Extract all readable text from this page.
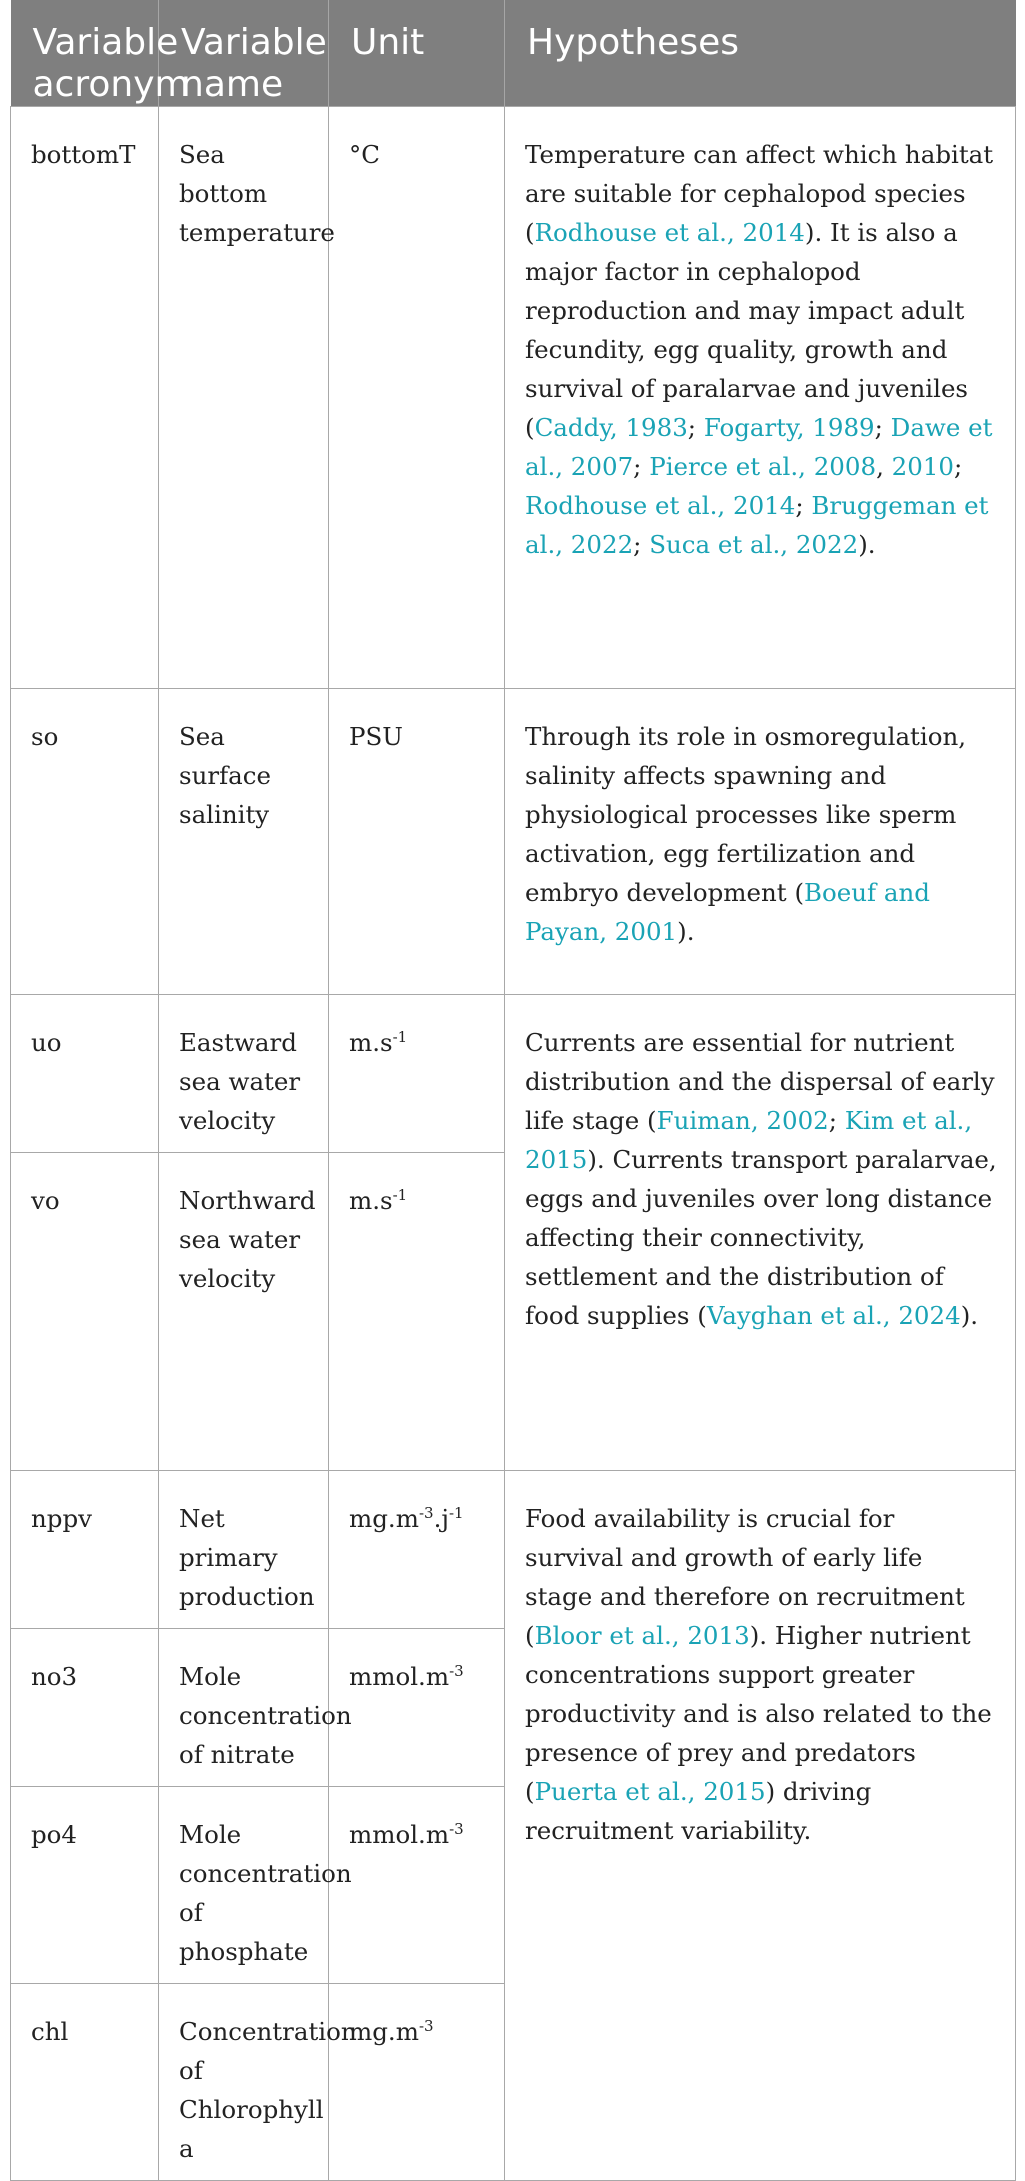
Variable acronym	Variable name	Unit	Hypotheses
bottomT	Sea bottom temperature	°C	Temperature can affect which habitat are suitable for cephalopod species (Rodhouse et al., 2014). It is also a major factor in cephalopod reproduction and may impact adult fecundity, egg quality, growth and survival of paralarvae and juveniles (Caddy, 1983; Fogarty, 1989; Dawe et al., 2007; Pierce et al., 2008, 2010; Rodhouse et al., 2014; Bruggeman et al., 2022; Suca et al., 2022).
so	Sea surface salinity	PSU	Through its role in osmoregulation, salinity affects spawning and physiological processes like sperm activation, egg fertilization and embryo development (Boeuf and Payan, 2001).
uo	Eastward sea water velocity	$m.s^{-1}$	Currents are essential for nutrient distribution and the dispersal of early life stage (Fuiman, 2002; Kim et al., 2015). Currents transport paralarvae, eggs and juveniles over long distance affecting their connectivity, settlement and the distribution of food supplies (Vayghan et al., 2024).
vo	Northward sea water velocity	$m.s^{-1}$
nppv	Net primary production	$mg.m^{-3}.j^{-1}$	Food availability is crucial for survival and growth of early life stage and therefore on recruitment (Bloor et al., 2013). Higher nutrient concentrations support greater productivity and is also related to the presence of prey and predators (Puerta et al., 2015) driving recruitment variability.
no3	Mole concentration of nitrate	$mmol.m^{-3}$
po4	Mole concentration of phosphate	$mmol.m^{-3}$
chl	Concentration of Chlorophyll a	$mg.m^{-3}$
